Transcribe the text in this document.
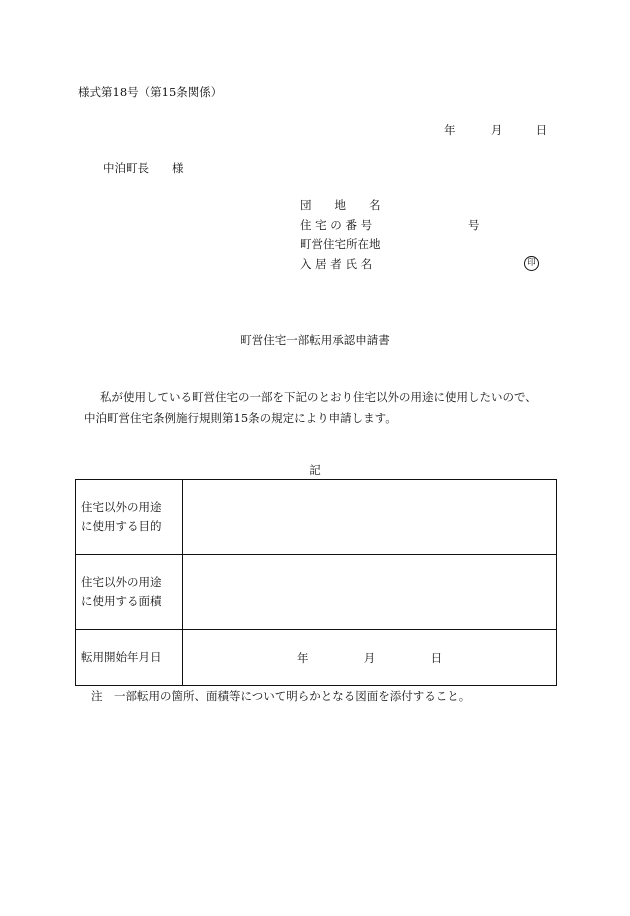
様式第18号（第15条関係）
年	月	日
中泊町長　　様
団　　地　　名
住 宅 の 番 号	号
町営住宅所在地
入 居 者 氏 名	印
町営住宅一部転用承認申請書
私が使用している町営住宅の一部を下記のとおり住宅以外の用途に使用したいので、
中泊町営住宅条例施行規則第15条の規定により申請します。
記
住宅以外の用途
に使用する目的	

住宅以外の用途
に使用する面積	

転用開始年月日	年 月 日
注　一部転用の箇所、面積等について明らかとなる図面を添付すること。
